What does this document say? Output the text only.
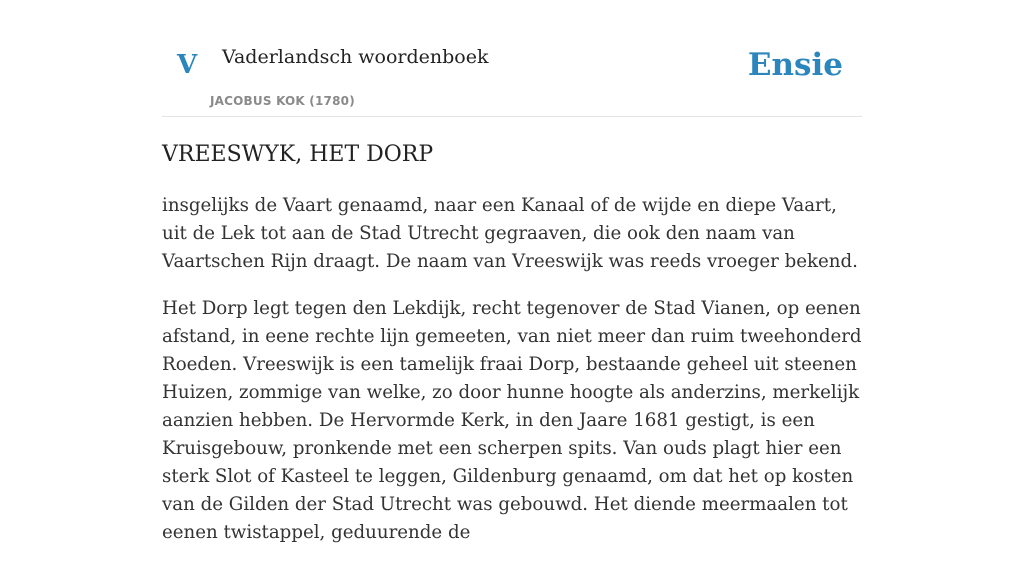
V Vaderlandsch woordenboek
JACOBUS KOK (1780)
Ensie
VREESWYK, HET DORP

insgelijks de Vaart genaamd, naar een Kanaal of de wijde en diepe Vaart, uit de Lek tot aan de Stad Utrecht gegraaven, die ook den naam van Vaartschen Rijn draagt. De naam van Vreeswijk was reeds vroeger bekend.

Het Dorp legt tegen den Lekdijk, recht tegenover de Stad Vianen, op eenen afstand, in eene rechte lijn gemeeten, van niet meer dan ruim tweehonderd Roeden. Vreeswijk is een tamelijk fraai Dorp, bestaande geheel uit steenen Huizen, zommige van welke, zo door hunne hoogte als anderzins, merkelijk aanzien hebben. De Hervormde Kerk, in den Jaare 1681 gestigt, is een Kruisgebouw, pronkende met een scherpen spits. Van ouds plagt hier een sterk Slot of Kasteel te leggen, Gildenburg genaamd, om dat het op kosten van de Gilden der Stad Utrecht was gebouwd. Het diende meermaalen tot eenen twistappel, geduurende de
